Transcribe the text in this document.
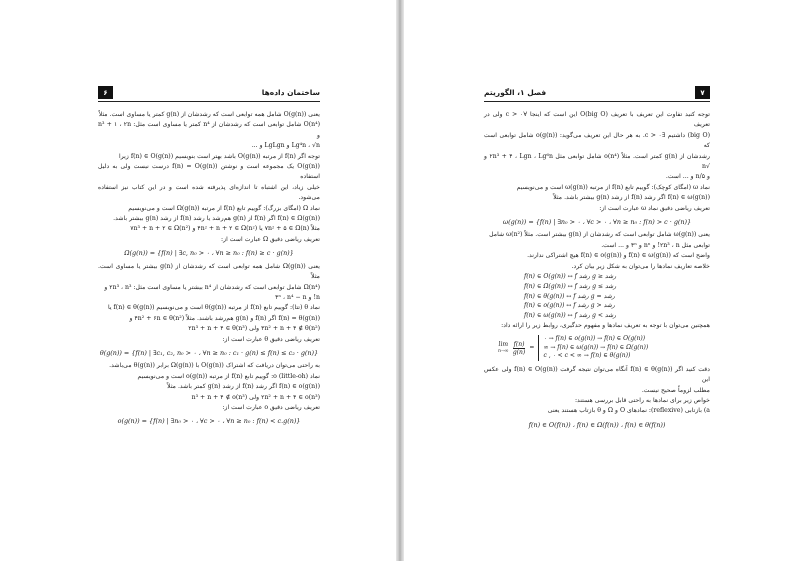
۶	ساختمان داده‌ها

یعنی O(g(n)) شامل همه توابعی است که رشدشان از g(n) کمتر یا مساوی است. مثلاً

O(n⁴) شامل توابعی است که رشدشان از n⁴ کمتر یا مساوی است مثل: n³ + ۱ ، ۲n و

Lg⁴n ، √n و LgLgn و ...

توجه اگر f(n) از مرتبه O(g(n)) باشد بهتر است بنویسیم f(n) ∈ O(g(n)) زیرا

O(g(n)) یک مجموعه است و نوشتن f(n) = O(g(n)) درست نیست ولی به دلیل استفاده

خیلی زیاد، این اشتباه تا اندازه‌ای پذیرفته شده است و در این کتاب نیز استفاده می‌شود.

نماد Ω (امگای بزرگ): گوییم تابع f(n) از مرتبه Ω(g(n)) است و می‌نویسیم

f(n) ∈ Ω(g(n)) اگر f(n) از g(n) هم‌رشد یا رشد f(n) از رشد g(n) بیشتر باشد.

مثلاً ۷n⁲ + ۵ ∈ Ω(n) یا ۴n⁲ + n + ۲ ∈ Ω(n⁲) و ۷n³ + n + ۲ ∈ Ω(n²)

تعریف ریاضی دقیق Ω عبارت است از:

Ω(g(n)) = {f(n) | ∃c, n₀ > ۰ ، ∀n ≥ n₀ : f(n) ≥ c · g(n)}

یعنی Ω(g(n)) شامل همه توابعی است که رشدشان از g(n) بیشتر یا مساوی است. مثلاً

Ω(n⁴) شامل توابعی است که رشدشان از n⁴ بیشتر یا مساوی است مثل: ۲n³ ، n³ و

n! و ۴ⁿ ، n⁴ − n

نماد θ (تتا): گوییم تابع f(n) از مرتبه θ(g(n)) است و می‌نویسیم f(n) ∈ θ(g(n)) یا

f(n) = θ(g(n)) اگر f(n) و g(n) هم‌رشد باشند. مثلاً ۴n² + ۶n ∈ θ(n²) و

۳n² + n + ۴ ∉ θ(n²) ولی ۲n³ + n + ۴ ∈ θ(n³)

تعریف ریاضی دقیق θ عبارت است از:

θ(g(n)) = {f(n) | ∃c₁, c₂, n₀ > ۰ ، ∀n ≥ n₀ : c₁ · g(n) ≤ f(n) ≤ c₂ · g(n)}

به راحتی می‌توان دریافت که اشتراک O(g(n)) با Ω(g(n)) برابر θ(g(n)) می‌باشد.

نماد o (little-oh): گوییم تابع f(n) از مرتبه o(g(n)) است و می‌نویسیم

f(n) ∈ o(g(n)) اگر رشد f(n) از رشد g(n) کمتر باشد. مثلاً

۲n² + n + ۴ ∈ o(n³) ولی n³ + n + ۴ ∉ o(n³)

تعریف ریاضی دقیق o عبارت است از:

o(g(n)) = {f(n) | ∃n₀ > ۰ ، ∀c > ۰ ، ∀n ≥ n₀ : f(n) < c.g(n)}
فصل ۱، الگوریتم	۷

توجه کنید تفاوت این تعریف با تعریف O(big O) این است که اینجا ∀c > ۰ ولی در تعریف

(big O) داشتیم ∃c > ۰. به هر حال این تعریف می‌گوید: o(g(n)) شامل توابعی است که

رشدشان از g(n) کمتر است. مثلاً o(n⁴) شامل توابعی مثل ۲n³ + ۴ ، Lgn ، Lg⁶n و √n

و n/۵ و ... است.

نماد ω (امگای کوچک): گوییم تابع f(n) از مرتبه ω(g(n)) است و می‌نویسیم

f(n) ∈ ω(g(n)) اگر رشد f(n) از رشد g(n) بیشتر باشد. مثلاً

تعریف ریاضی دقیق نماد ω عبارت است از:

ω(g(n)) = {f(n) | ∃n₀ > ۰ ، ∀c > ۰ ، ∀n ≥ n₀ : f(n) > c · g(n)}

یعنی ω(g(n)) شامل توابعی است که رشدشان از g(n) بیشتر است. مثلاً ω(n²) شامل

توابعی مثل ۲n³ ، n! و nⁿ و ۴ⁿ و ... است.

واضح است که f(n) ∈ ω(g(n)) و f(n) ∈ o(g(n)) هیچ اشتراکی ندارند.

خلاصه تعاریف نمادها را می‌توان به شکل زیر بیان کرد.

f(n) ∈ O(g(n)) ↔ f رشد g ≥ رشد
f(n) ∈ Ω(g(n)) ↔ f رشد g ≤ رشد
f(n) ∈ θ(g(n)) ↔ f رشد g = رشد
f(n) ∈ o(g(n)) ↔ f رشد g > رشد
f(n) ∈ ω(g(n)) ↔ f رشد g < رشد

همچنین می‌توان با توجه به تعریف نمادها و مفهوم حدگیری، روابط زیر را ارائه داد:

lim
$n\to\infty \frac{f(n)}{g(n)}$ =
۰ → f(n) ∈ o(g(n)) → f(n) ∈ O(g(n))
∞ → f(n) ∈ ω(g(n)) → f(n) ∈ Ω(g(n))
c , ۰ < c < ∞ → f(n) ∈ θ(g(n))

دقت کنید اگر f(n) ∈ θ(g(n)) آنگاه می‌توان نتیجه گرفت f(n) ∈ O(g(n)) ولی عکس این

مطلب لزوماً صحیح نیست.

خواص زیر برای نمادها به راحتی قابل بررسی هستند:

a) بازتابی (reflexive): نمادهای O و Ω و θ بازتاب هستند یعنی

f(n) ∈ O(f(n)) ، f(n) ∈ Ω(f(n)) ، f(n) ∈ θ(f(n))
